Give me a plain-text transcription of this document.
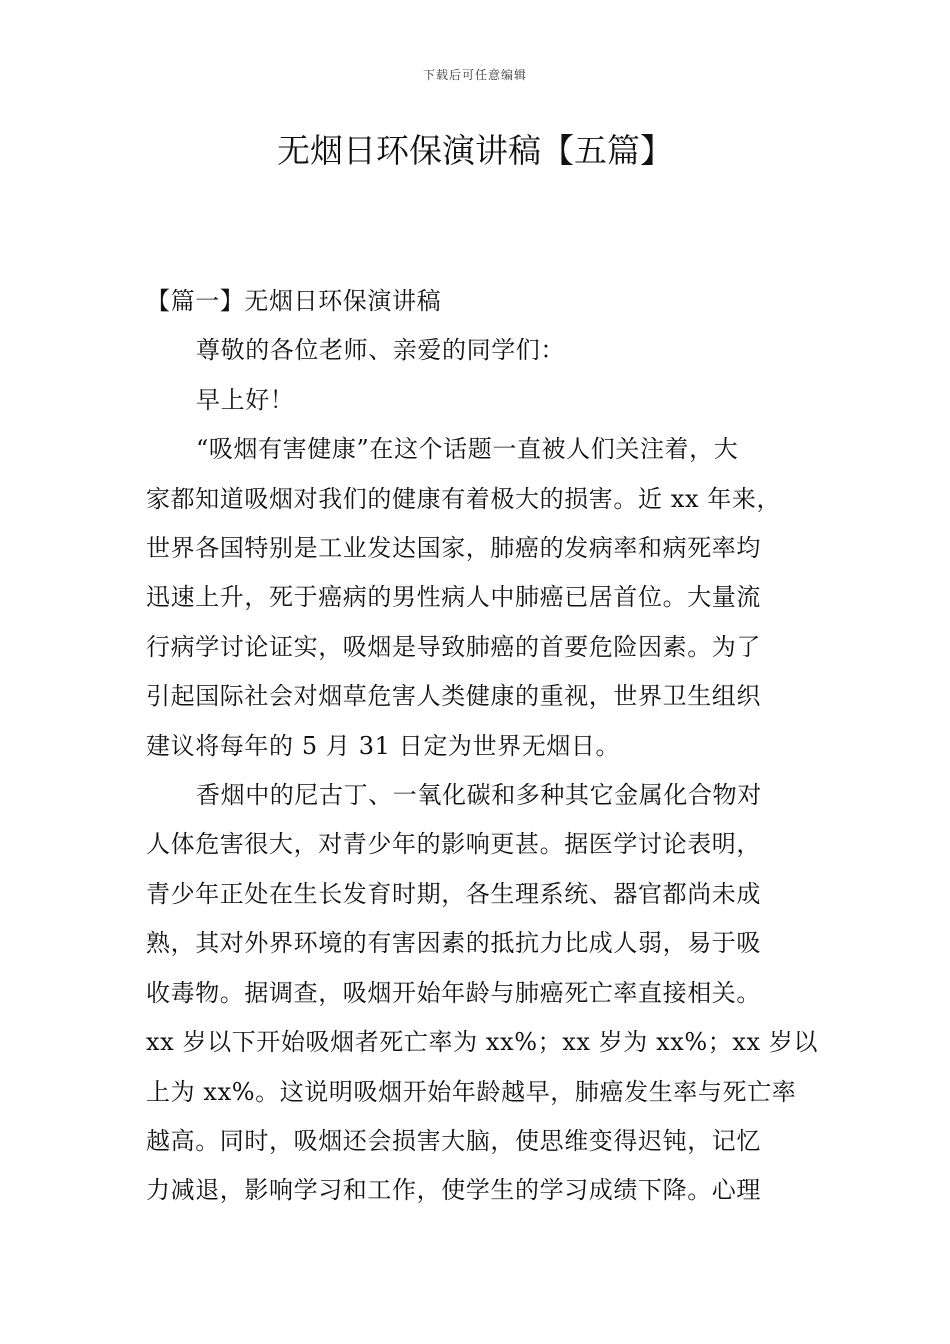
下载后可任意编辑
无烟日环保演讲稿【五篇】
【篇一】无烟日环保演讲稿

尊敬的各位老师、亲爱的同学们：

早上好！

“吸烟有害健康”在这个话题一直被人们关注着，大
家都知道吸烟对我们的健康有着极大的损害。近 xx 年来，
世界各国特别是工业发达国家，肺癌的发病率和病死率均
迅速上升，死于癌病的男性病人中肺癌已居首位。大量流
行病学讨论证实，吸烟是导致肺癌的首要危险因素。为了
引起国际社会对烟草危害人类健康的重视，世界卫生组织
建议将每年的 5 月 31 日定为世界无烟日。
香烟中的尼古丁、一氧化碳和多种其它金属化合物对
人体危害很大，对青少年的影响更甚。据医学讨论表明，
青少年正处在生长发育时期，各生理系统、器官都尚未成
熟，其对外界环境的有害因素的抵抗力比成人弱，易于吸
收毒物。据调查，吸烟开始年龄与肺癌死亡率直接相关。
xx 岁以下开始吸烟者死亡率为 xx%；xx 岁为 xx%；xx 岁以
上为 xx%。这说明吸烟开始年龄越早，肺癌发生率与死亡率
越高。同时，吸烟还会损害大脑，使思维变得迟钝，记忆
力减退，影响学习和工作，使学生的学习成绩下降。心理
